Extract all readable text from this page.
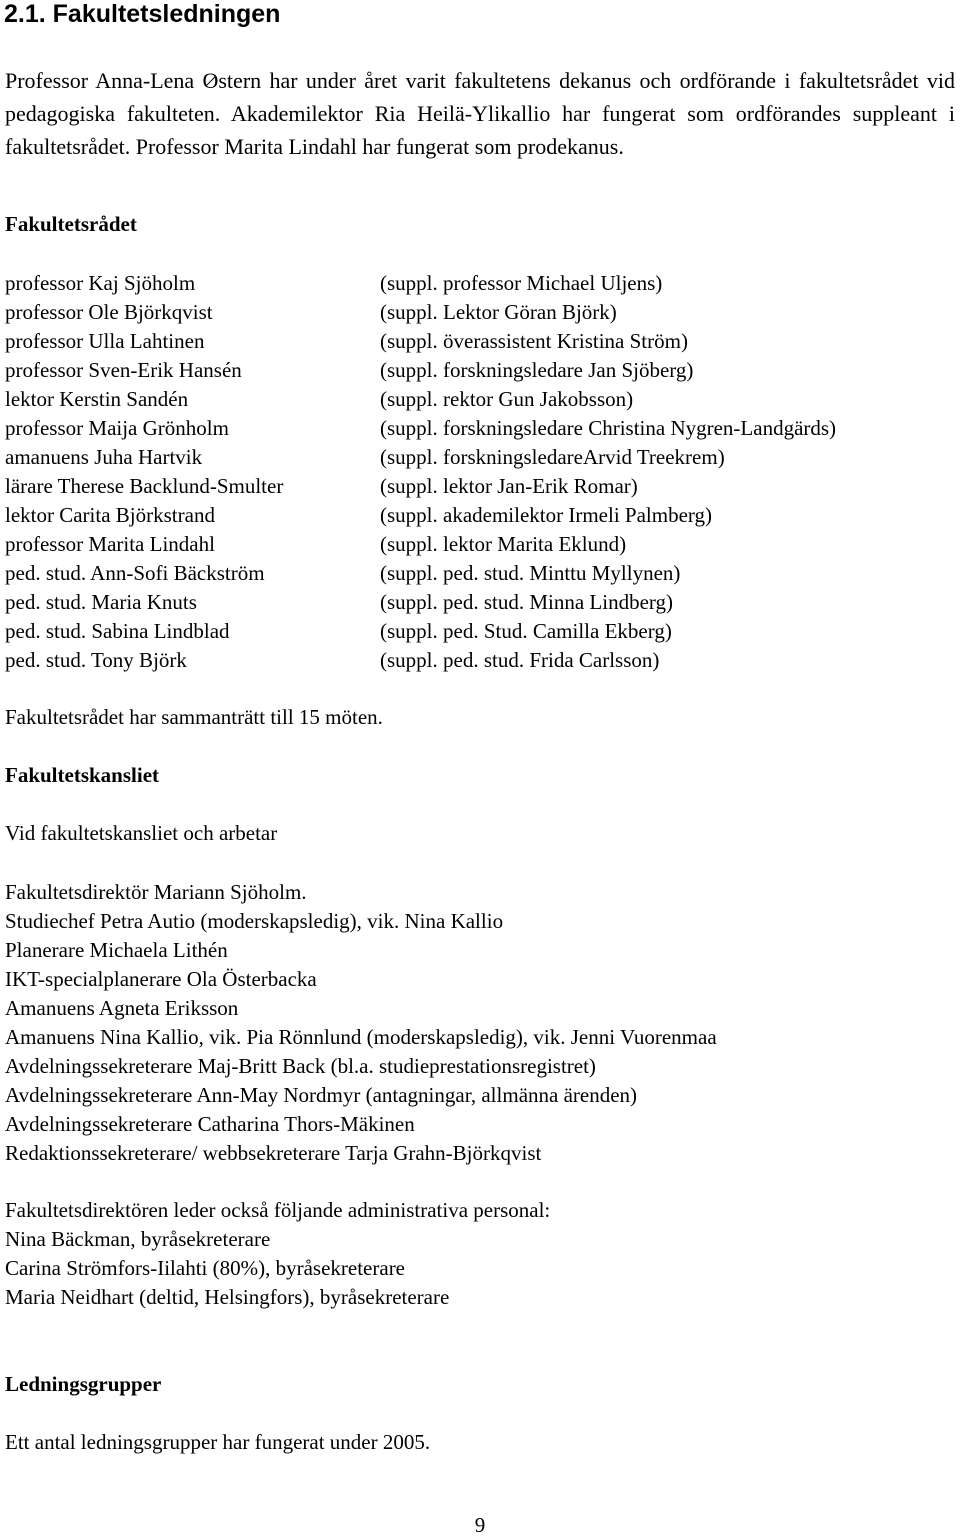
2.1. Fakultetsledningen

Professor Anna-Lena Ostern har under året varit fakultetens dekanus och ordförande i fakultetsrådet vid pedagogiska fakulteten. Akademilektor Ria Heilä-Ylikallio har fungerat som ordförandes suppleant i fakultetsrådet. Professor Marita Lindahl har fungerat som prodekanus.

Fakultetsrådet
professor Kaj Sjöholm	(suppl. professor Michael Uljens)
professor Ole Björkqvist	(suppl. Lektor Göran Björk)
professor Ulla Lahtinen	(suppl. överassistent Kristina Ström)
professor Sven-Erik Hansén	(suppl. forskningsledare Jan Sjöberg)
lektor Kerstin Sandén	(suppl. rektor Gun Jakobsson)
professor Maija Grönholm	(suppl. forskningsledare Christina Nygren-Landgärds)
amanuens Juha Hartvik	(suppl. forskningsledareArvid Treekrem)
lärare Therese Backlund-Smulter	(suppl. lektor Jan-Erik Romar)
lektor Carita Björkstrand	(suppl. akademilektor Irmeli Palmberg)
professor Marita Lindahl	(suppl. lektor Marita Eklund)
ped. stud. Ann-Sofi Bäckström	(suppl. ped. stud. Minttu Myllynen)
ped. stud. Maria Knuts	(suppl. ped. stud. Minna Lindberg)
ped. stud. Sabina Lindblad	(suppl. ped. Stud. Camilla Ekberg)
ped. stud. Tony Björk	(suppl. ped. stud. Frida Carlsson)

Fakultetsrådet har sammanträtt till 15 möten.

Fakultetskansliet

Vid fakultetskansliet och arbetar

Fakultetsdirektör Mariann Sjöholm.
Studiechef Petra Autio (moderskapsledig), vik. Nina Kallio
Planerare Michaela Lithén
IKT-specialplanerare Ola Österbacka
Amanuens Agneta Eriksson
Amanuens Nina Kallio, vik. Pia Rönnlund (moderskapsledig), vik. Jenni Vuorenmaa
Avdelningssekreterare Maj-Britt Back (bl.a. studieprestationsregistret)
Avdelningssekreterare Ann-May Nordmyr (antagningar, allmänna ärenden)
Avdelningssekreterare Catharina Thors-Mäkinen
Redaktionssekreterare/ webbsekreterare Tarja Grahn-Björkqvist
Fakultetsdirektören leder också följande administrativa personal:
Nina Bäckman, byråsekreterare
Carina Strömfors-Iilahti (80%), byråsekreterare
Maria Neidhart (deltid, Helsingfors), byråsekreterare
Ledningsgrupper

Ett antal ledningsgrupper har fungerat under 2005.

9
